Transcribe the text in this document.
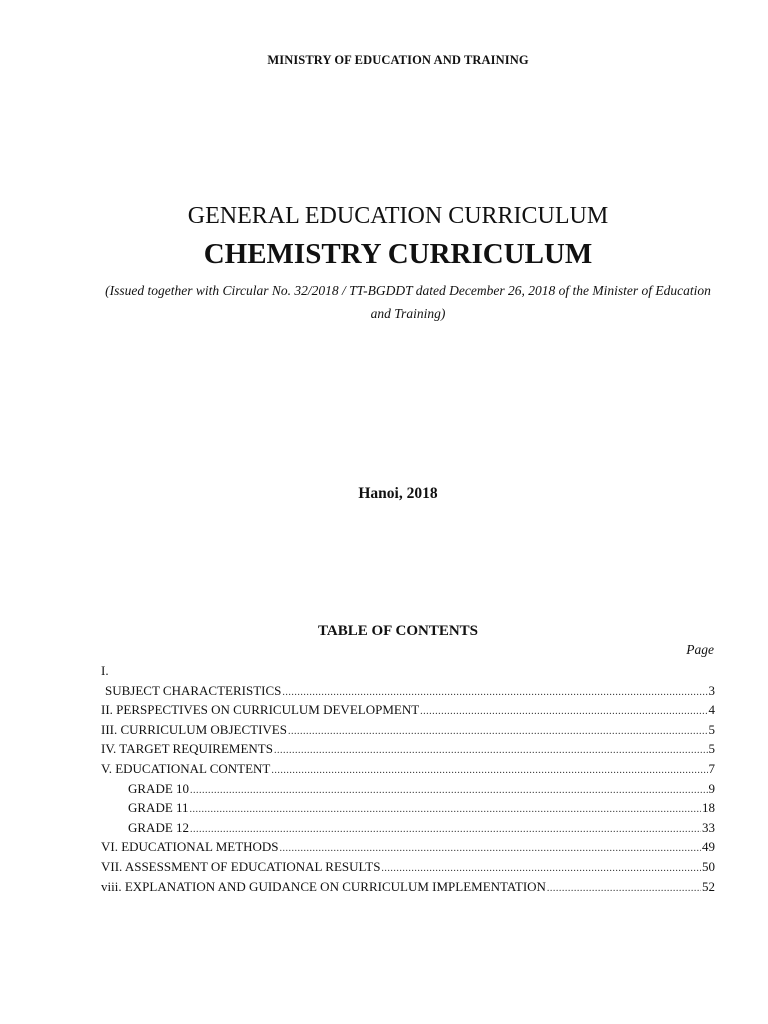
MINISTRY OF EDUCATION AND TRAINING
GENERAL EDUCATION CURRICULUM
CHEMISTRY CURRICULUM
(Issued together with Circular No. 32/2018 / TT-BGDDT dated December 26, 2018 of the Minister of Education and Training)
Hanoi, 2018
TABLE OF CONTENTS
Page
I.
SUBJECT CHARACTERISTICS .....	3
II. PERSPECTIVES ON CURRICULUM DEVELOPMENT .....	4
III. CURRICULUM OBJECTIVES .....	5
IV. TARGET REQUIREMENTS .....	5
V. EDUCATIONAL CONTENT .....	7
GRADE 10 .....	9
GRADE 11 .....	18
GRADE 12 .....	33
VI. EDUCATIONAL METHODS .....	49
VII. ASSESSMENT OF EDUCATIONAL RESULTS .....	50
viii. EXPLANATION AND GUIDANCE ON CURRICULUM IMPLEMENTATION .....	52
